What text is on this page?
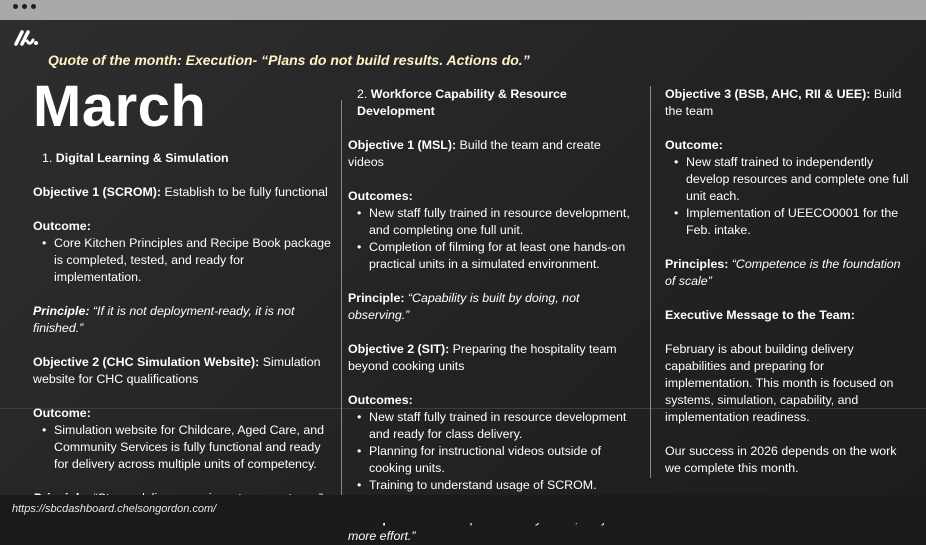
Quote of the month: Execution- “Plans do not build results. Actions do.”
March
1. Digital Learning & Simulation
Objective 1 (SCROM): Establish to be fully functional
Outcome:
• Core Kitchen Principles and Recipe Book package is completed, tested, and ready for implementation.
Principle: “If it is not deployment-ready, it is not finished.”
Objective 2 (CHC Simulation Website): Simulation website for CHC qualifications
Outcome:
• Simulation website for Childcare, Aged Care, and Community Services is fully functional and ready for delivery across multiple units of competency.
2. Workforce Capability & Resource Development
Objective 1 (MSL): Build the team and create videos
Outcomes:
• New staff fully trained in resource development, and completing one full unit.
• Completion of filming for at least one hands-on practical units in a simulated environment.
Principle: “Capability is built by doing, not observing.”
Objective 2 (SIT): Preparing the hospitality team beyond cooking units
Outcomes:
• New staff fully trained in resource development and ready for class delivery.
• Planning for instructional videos outside of cooking units.
• Training to understand usage of SCROM.
more effort.”
Objective 3 (BSB, AHC, RII & UEE): Build the team
Outcome:
• New staff trained to independently develop resources and complete one full unit each.
• Implementation of UEECO0001 for the Feb. intake.
Principles: “Competence is the foundation of scale”
Executive Message to the Team:
February is about building delivery capabilities and preparing for implementation. This month is focused on systems, simulation, capability, and implementation readiness.
Our success in 2026 depends on the work we complete this month.
https://sbcdashboard.chelsongordon.com/
